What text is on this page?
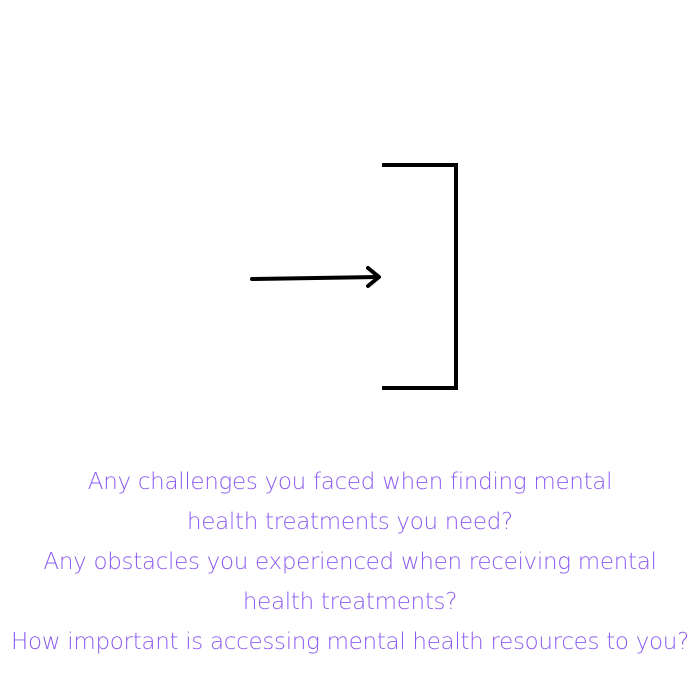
Any challenges you faced when finding mental health treatments you need?

Any obstacles you experienced when receiving mental health treatments?

How important is accessing mental health resources to you?
